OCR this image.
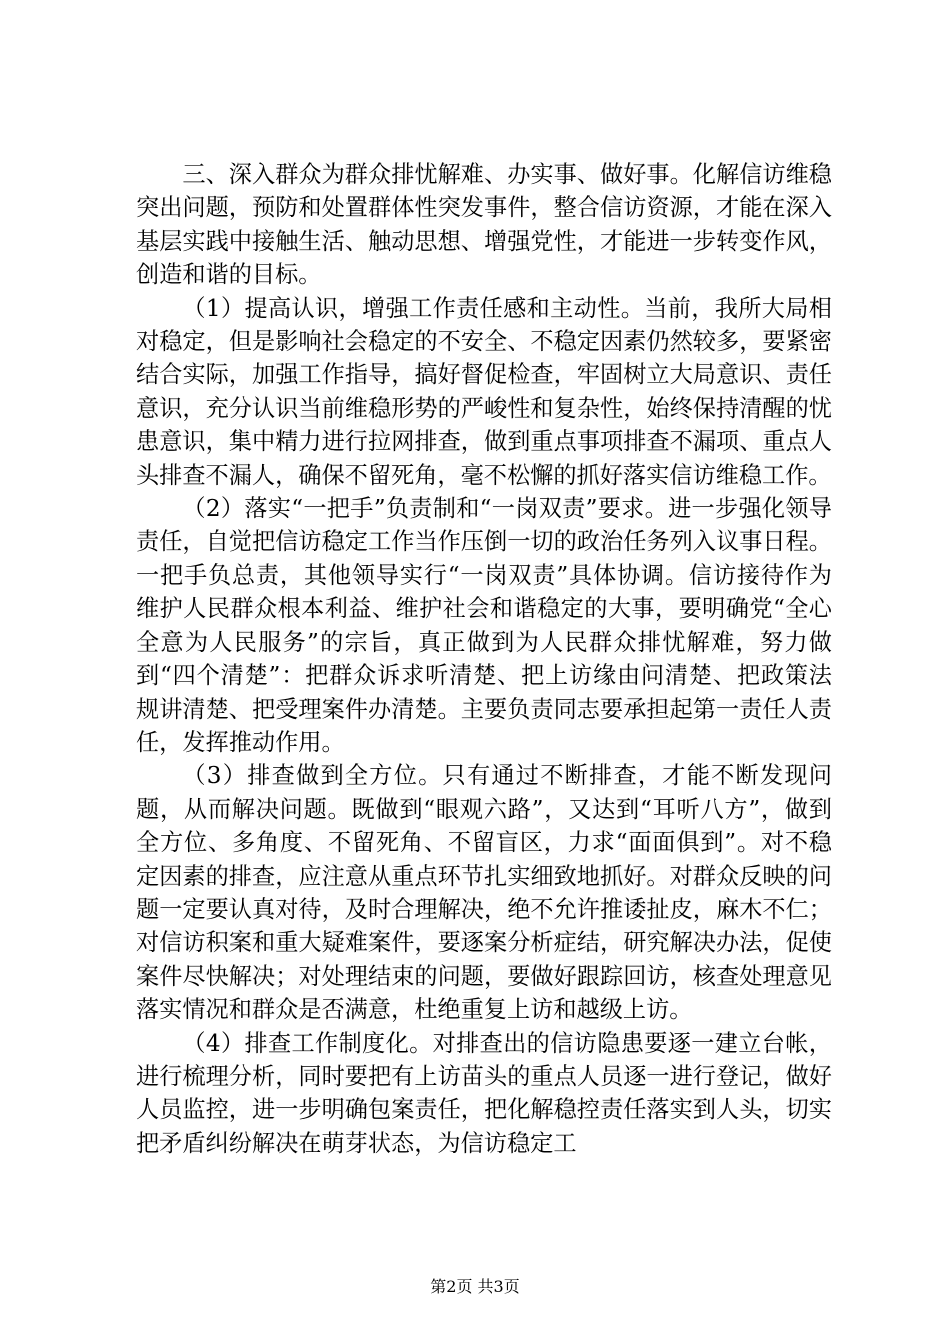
三、深入群众为群众排忧解难、办实事、做好事。化解信访维稳突出问题，预防和处置群体性突发事件，整合信访资源，才能在深入基层实践中接触生活、触动思想、增强党性，才能进一步转变作风，创造和谐的目标。

（1）提高认识，增强工作责任感和主动性。当前，我所大局相对稳定，但是影响社会稳定的不安全、不稳定因素仍然较多，要紧密结合实际，加强工作指导，搞好督促检查，牢固树立大局意识、责任意识，充分认识当前维稳形势的严峻性和复杂性，始终保持清醒的忧患意识，集中精力进行拉网排查，做到重点事项排查不漏项、重点人头排查不漏人，确保不留死角，毫不松懈的抓好落实信访维稳工作。

（2）落实“一把手”负责制和“一岗双责”要求。进一步强化领导责任，自觉把信访稳定工作当作压倒一切的政治任务列入议事日程。一把手负总责，其他领导实行“一岗双责”具体协调。信访接待作为维护人民群众根本利益、维护社会和谐稳定的大事，要明确党“全心全意为人民服务”的宗旨，真正做到为人民群众排忧解难，努力做到“四个清楚”：把群众诉求听清楚、把上访缘由问清楚、把政策法规讲清楚、把受理案件办清楚。主要负责同志要承担起第一责任人责任，发挥推动作用。

（3）排查做到全方位。只有通过不断排查，才能不断发现问题，从而解决问题。既做到“眼观六路”，又达到“耳听八方”，做到全方位、多角度、不留死角、不留盲区，力求“面面俱到”。对不稳定因素的排查，应注意从重点环节扎实细致地抓好。对群众反映的问题一定要认真对待，及时合理解决，绝不允许推诿扯皮，麻木不仁；对信访积案和重大疑难案件，要逐案分析症结，研究解决办法，促使案件尽快解决；对处理结束的问题，要做好跟踪回访，核查处理意见落实情况和群众是否满意，杜绝重复上访和越级上访。

（4）排查工作制度化。对排查出的信访隐患要逐一建立台帐，进行梳理分析，同时要把有上访苗头的重点人员逐一进行登记，做好人员监控，进一步明确包案责任，把化解稳控责任落实到人头，切实把矛盾纠纷解决在萌芽状态，为信访稳定工

第2页 共3页
